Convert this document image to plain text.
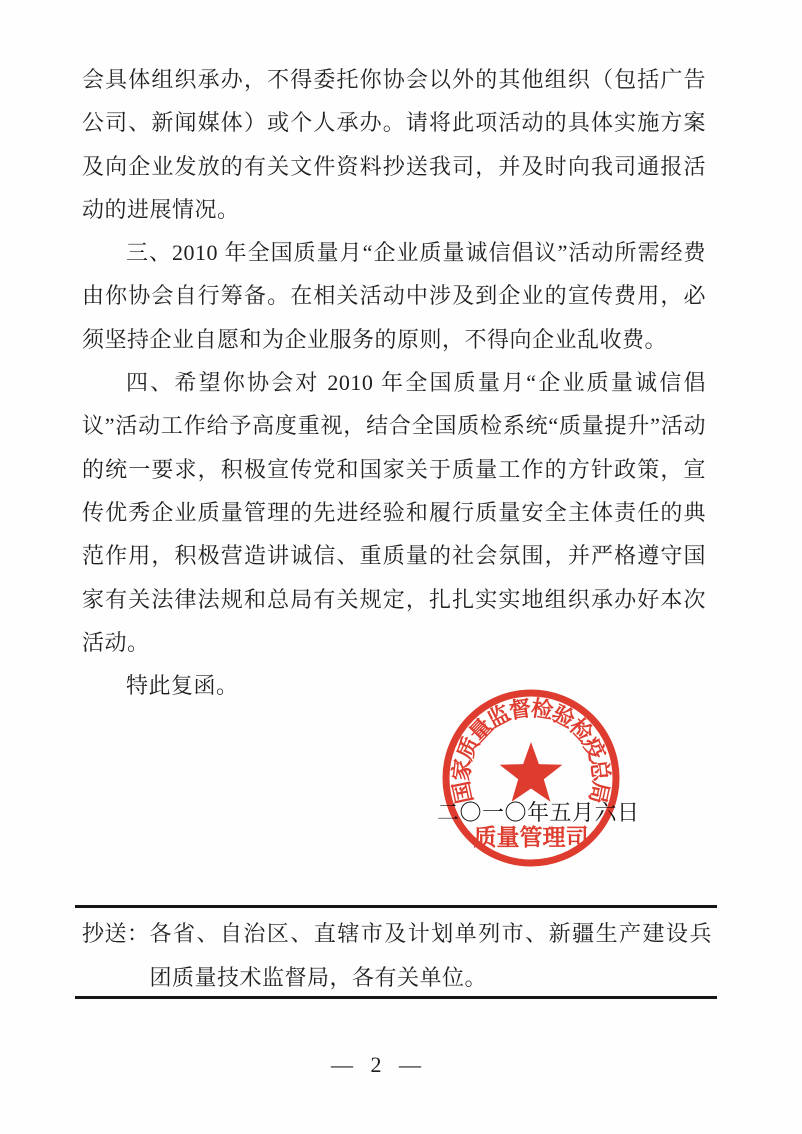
会具体组织承办，不得委托你协会以外的其他组织（包括广告公司、新闻媒体）或个人承办。请将此项活动的具体实施方案及向企业发放的有关文件资料抄送我司，并及时向我司通报活动的进展情况。

三、2010 年全国质量月“企业质量诚信倡议”活动所需经费由你协会自行筹备。在相关活动中涉及到企业的宣传费用，必须坚持企业自愿和为企业服务的原则，不得向企业乱收费。

四、希望你协会对 2010 年全国质量月“企业质量诚信倡议”活动工作给予高度重视，结合全国质检系统“质量提升”活动的统一要求，积极宣传党和国家关于质量工作的方针政策，宣传优秀企业质量管理的先进经验和履行质量安全主体责任的典范作用，积极营造讲诚信、重质量的社会氛围，并严格遵守国家有关法律法规和总局有关规定，扎扎实实地组织承办好本次活动。

特此复函。

二〇一〇年五月六日
国家质量监督检验检疫总局
质量管理司
抄送： 各省、自治区、直辖市及计划单列市、新疆生产建设兵团质量技术监督局，各有关单位。
— 2 —
